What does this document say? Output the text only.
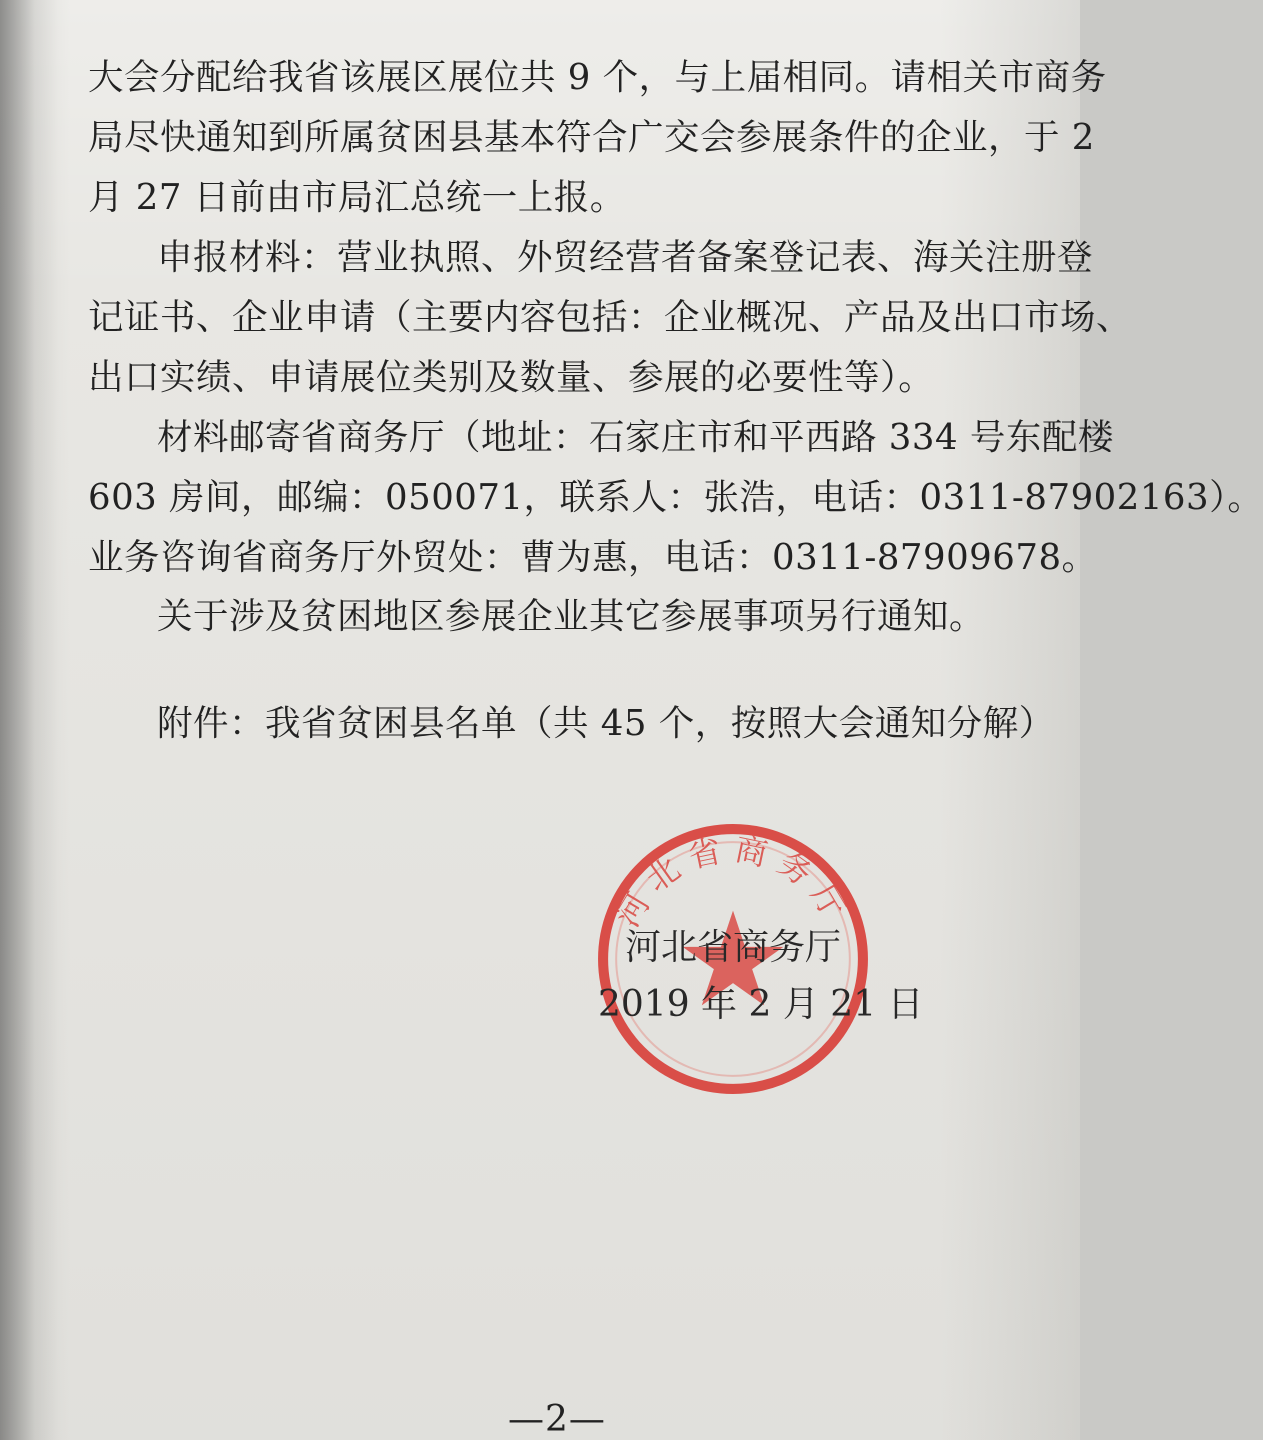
大会分配给我省该展区展位共 9 个，与上届相同。请相关市商务
局尽快通知到所属贫困县基本符合广交会参展条件的企业，于 2
月 27 日前由市局汇总统一上报。
申报材料：营业执照、外贸经营者备案登记表、海关注册登
记证书、企业申请（主要内容包括：企业概况、产品及出口市场、
出口实绩、申请展位类别及数量、参展的必要性等）。
材料邮寄省商务厅（地址：石家庄市和平西路 334 号东配楼
603 房间，邮编：050071，联系人：张浩，电话：0311-87902163）。
业务咨询省商务厅外贸处：曹为惠，电话：0311-87909678。
关于涉及贫困地区参展企业其它参展事项另行通知。
附件：我省贫困县名单（共 45 个，按照大会通知分解）
河北省商务厅
河北省商务厅
2019 年 2 月 21 日
—2—
